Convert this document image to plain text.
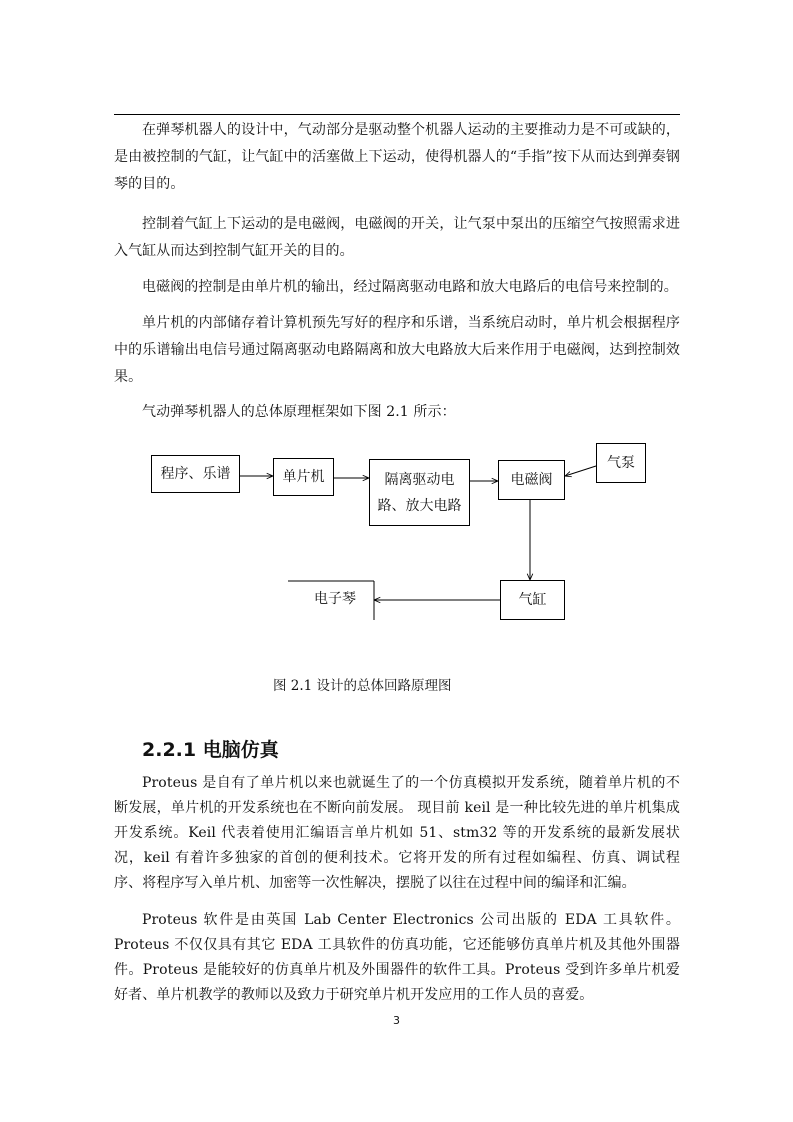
在弹琴机器人的设计中，气动部分是驱动整个机器人运动的主要推动力是不可或缺的，是由被控制的气缸，让气缸中的活塞做上下运动，使得机器人的“手指”按下从而达到弹奏钢琴的目的。

控制着气缸上下运动的是电磁阀，电磁阀的开关，让气泵中泵出的压缩空气按照需求进入气缸从而达到控制气缸开关的目的。

电磁阀的控制是由单片机的输出，经过隔离驱动电路和放大电路后的电信号来控制的。

单片机的内部储存着计算机预先写好的程序和乐谱，当系统启动时，单片机会根据程序中的乐谱输出电信号通过隔离驱动电路隔离和放大电路放大后来作用于电磁阀，达到控制效果。

气动弹琴机器人的总体原理框架如下图 2.1 所示：

程序、乐谱	单片机	隔离驱动电
路、放大电路
电磁阀
气泵
气缸
电子琴

图 2.1 设计的总体回路原理图

2.2.1 电脑仿真

Proteus 是自有了单片机以来也就诞生了的一个仿真模拟开发系统，随着单片机的不断发展，单片机的开发系统也在不断向前发展。 现目前 keil 是一种比较先进的单片机集成开发系统。Keil 代表着使用汇编语言单片机如 51、stm32 等的开发系统的最新发展状况，keil 有着许多独家的首创的便利技术。它将开发的所有过程如编程、仿真、调试程序、将程序写入单片机、加密等一次性解决，摆脱了以往在过程中间的编译和汇编。

Proteus 软件是由英国 Lab Center Electronics 公司出版的 EDA 工具软件。Proteus 不仅仅具有其它 EDA 工具软件的仿真功能，它还能够仿真单片机及其他外围器件。Proteus 是能较好的仿真单片机及外围器件的软件工具。Proteus 受到许多单片机爱好者、单片机教学的教师以及致力于研究单片机开发应用的工作人员的喜爱。

3
